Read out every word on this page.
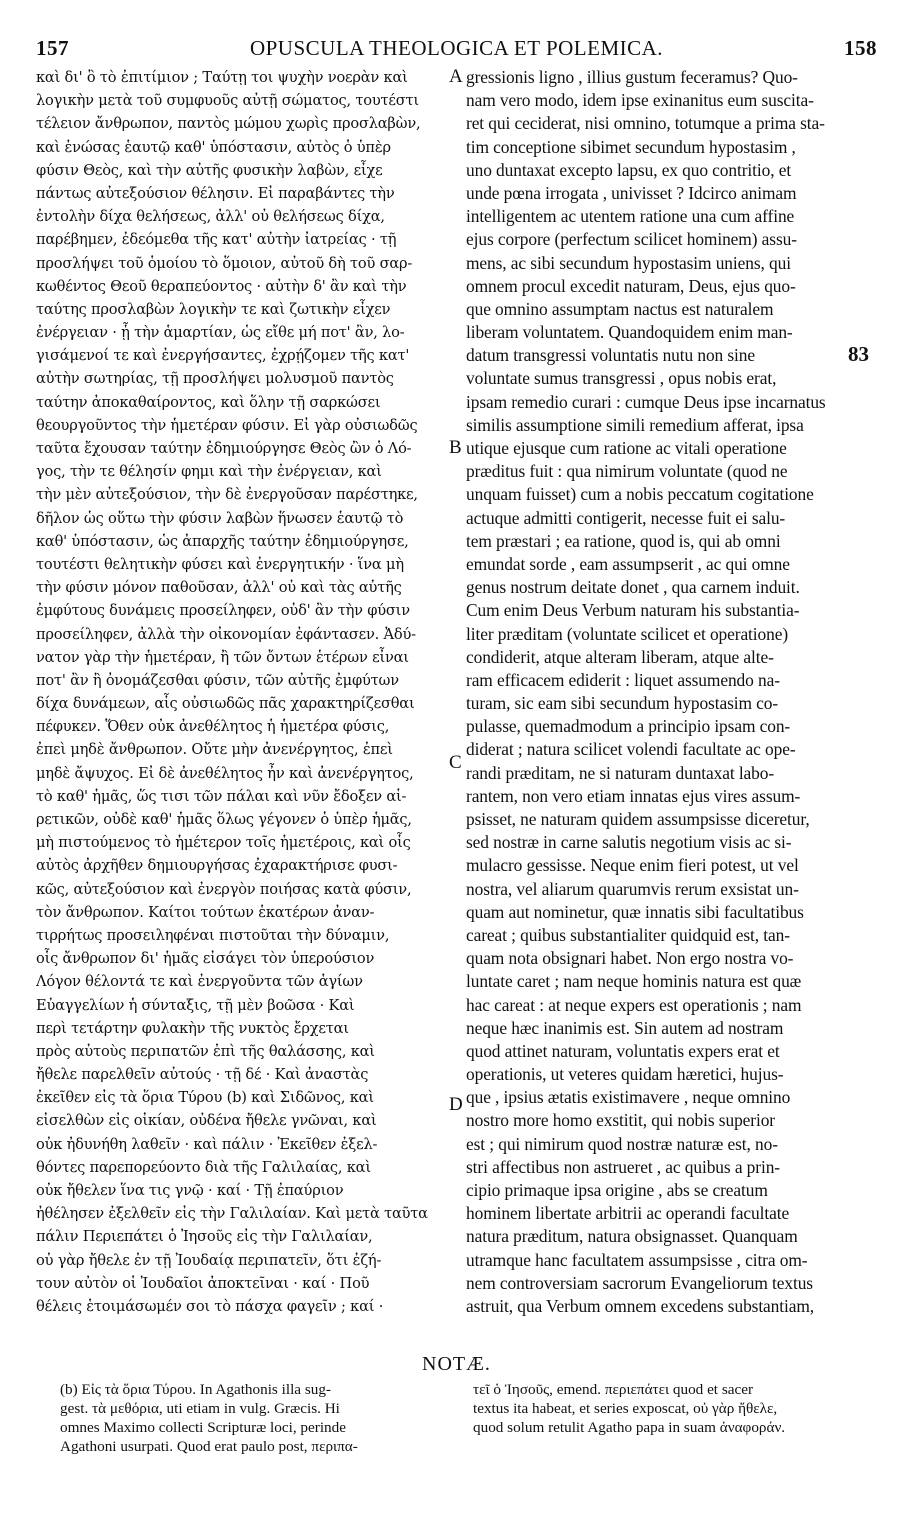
157	OPUSCULA THEOLOGICA ET POLEMICA.	158
καὶ δι' ὃ τὸ ἐπιτίμιον ; Ταύτῃ τοι ψυχὴν νοερὰν καὶ
λογικὴν μετὰ τοῦ συμφυοῦς αὐτῇ σώματος, τουτέστι
τέλειον ἄνθρωπον, παντὸς μώμου χωρὶς προσλαβὼν,
καὶ ἑνώσας ἑαυτῷ καθ' ὑπόστασιν, αὐτὸς ὁ ὑπὲρ
φύσιν Θεὸς, καὶ τὴν αὐτῆς φυσικὴν λαβὼν, εἶχε
πάντως αὐτεξούσιον θέλησιν. Εἰ παραβάντες τὴν
ἐντολὴν δίχα θελήσεως, ἀλλ' οὐ θελήσεως δίχα,
παρέβημεν, ἐδεόμεθα τῆς κατ' αὐτὴν ἰατρείας · τῇ
προσλήψει τοῦ ὁμοίου τὸ ὅμοιον, αὐτοῦ δὴ τοῦ σαρ-
κωθέντος Θεοῦ θεραπεύοντος · αὐτὴν δ' ἂν καὶ τὴν
ταύτης προσλαβὼν λογικὴν τε καὶ ζωτικὴν εἶχεν
ἐνέργειαν · ᾗ τὴν ἁμαρτίαν, ὡς εἴθε μή ποτ' ἂν, λο-
γισάμενοί τε καὶ ἐνεργήσαντες, ἐχρῄζομεν τῆς κατ'
αὐτὴν σωτηρίας, τῇ προσλήψει μολυσμοῦ παντὸς
ταύτην ἀποκαθαίροντος, καὶ ὅλην τῇ σαρκώσει
θεουργοῦντος τὴν ἡμετέραν φύσιν. Εἰ γὰρ οὐσιωδῶς
ταῦτα ἔχουσαν ταύτην ἐδημιούργησε Θεὸς ὢν ὁ Λό-
γος, τὴν τε θέλησίν φημι καὶ τὴν ἐνέργειαν, καὶ
τὴν μὲν αὐτεξούσιον, τὴν δὲ ἐνεργοῦσαν παρέστηκε,
δῆλον ὡς οὕτω τὴν φύσιν λαβὼν ἥνωσεν ἑαυτῷ τὸ
καθ' ὑπόστασιν, ὡς ἀπαρχῆς ταύτην ἐδημιούργησε,
τουτέστι θελητικὴν φύσει καὶ ἐνεργητικήν · ἵνα μὴ
τὴν φύσιν μόνον παθοῦσαν, ἀλλ' οὐ καὶ τὰς αὐτῆς
ἐμφύτους δυνάμεις προσείληφεν, οὐδ' ἂν τὴν φύσιν
προσείληφεν, ἀλλὰ τὴν οἰκονομίαν ἐφάντασεν. Ἀδύ-
νατον γὰρ τὴν ἡμετέραν, ἢ τῶν ὄντων ἑτέρων εἶναι
ποτ' ἂν ἢ ὀνομάζεσθαι φύσιν, τῶν αὐτῆς ἐμφύτων
δίχα δυνάμεων, αἷς οὐσιωδῶς πᾶς χαρακτηρίζεσθαι
πέφυκεν. Ὅθεν οὐκ ἀνεθέλητος ἡ ἡμετέρα φύσις,
ἐπεὶ μηδὲ ἄνθρωπον. Οὔτε μὴν ἀνενέργητος, ἐπεὶ
μηδὲ ἄψυχος. Εἰ δὲ ἀνεθέλητος ἦν καὶ ἀνενέργητος,
τὸ καθ' ἡμᾶς, ὥς τισι τῶν πάλαι καὶ νῦν ἔδοξεν αἱ-
ρετικῶν, οὐδὲ καθ' ἡμᾶς ὅλως γέγονεν ὁ ὑπὲρ ἡμᾶς,
μὴ πιστούμενος τὸ ἡμέτερον τοῖς ἡμετέροις, καὶ οἷς
αὐτὸς ἀρχῆθεν δημιουργήσας ἐχαρακτήρισε φυσι-
κῶς, αὐτεξούσιον καὶ ἐνεργὸν ποιήσας κατὰ φύσιν,
τὸν ἄνθρωπον. Καίτοι τούτων ἑκατέρων ἀναν-
τιρρήτως προσειληφέναι πιστοῦται τὴν δύναμιν,
οἷς ἄνθρωπον δι' ἡμᾶς εἰσάγει τὸν ὑπερούσιον
Λόγον θέλοντά τε καὶ ἐνεργοῦντα τῶν ἁγίων
Εὐαγγελίων ἡ σύνταξις, τῇ μὲν βοῶσα · Καὶ
περὶ τετάρτην φυλακὴν τῆς νυκτὸς ἔρχεται
πρὸς αὐτοὺς περιπατῶν ἐπὶ τῆς θαλάσσης, καὶ
ἤθελε παρελθεῖν αὐτούς · τῇ δέ · Καὶ ἀναστὰς
ἐκεῖθεν εἰς τὰ ὅρια Τύρου (b) καὶ Σιδῶνος, καὶ
εἰσελθὼν εἰς οἰκίαν, οὐδένα ἤθελε γνῶναι, καὶ
οὐκ ἠδυνήθη λαθεῖν · καὶ πάλιν · Ἐκεῖθεν ἐξελ-
θόντες παρεπορεύοντο διὰ τῆς Γαλιλαίας, καὶ
οὐκ ἤθελεν ἵνα τις γνῷ · καί · Τῇ ἐπαύριον
ἠθέλησεν ἐξελθεῖν εἰς τὴν Γαλιλαίαν. Καὶ μετὰ ταῦτα
πάλιν Περιεπάτει ὁ Ἰησοῦς εἰς τὴν Γαλιλαίαν,
οὐ γὰρ ἤθελε ἐν τῇ Ἰουδαίᾳ περιπατεῖν, ὅτι ἐζή-
τουν αὐτὸν οἱ Ἰουδαῖοι ἀποκτεῖναι · καί · Ποῦ
θέλεις ἑτοιμάσωμέν σοι τὸ πάσχα φαγεῖν ; καί ·
gressionis ligno , illius gustum feceramus? Quo-
nam vero modo, idem ipse exinanitus eum suscita-
ret qui ceciderat, nisi omnino, totumque a prima sta-
tim conceptione sibimet secundum hypostasim ,
uno duntaxat excepto lapsu, ex quo contritio, et
unde pœna irrogata , univisset ? Idcirco animam
intelligentem ac utentem ratione una cum affine
ejus corpore (perfectum scilicet hominem) assu-
mens, ac sibi secundum hypostasim uniens, qui
omnem procul excedit naturam, Deus, ejus quo-
que omnino assumptam nactus est naturalem
liberam voluntatem. Quandoquidem enim man-
datum transgressi voluntatis nutu non sine
voluntate sumus transgressi , opus nobis erat,
ipsam remedio curari : cumque Deus ipse incarnatus
similis assumptione simili remedium afferat, ipsa
utique ejusque cum ratione ac vitali operatione
præditus fuit : qua nimirum voluntate (quod ne
unquam fuisset) cum a nobis peccatum cogitatione
actuque admitti contigerit, necesse fuit ei salu-
tem præstari ; ea ratione, quod is, qui ab omni
emundat sorde , eam assumpserit , ac qui omne
genus nostrum deitate donet , qua carnem induit.
Cum enim Deus Verbum naturam his substantia-
liter præditam (voluntate scilicet et operatione)
condiderit, atque alteram liberam, atque alte-
ram efficacem ediderit : liquet assumendo na-
turam, sic eam sibi secundum hypostasim co-
pulasse, quemadmodum a principio ipsam con-
diderat ; natura scilicet volendi facultate ac ope-
randi præditam, ne si naturam duntaxat labo-
rantem, non vero etiam innatas ejus vires assum-
psisset, ne naturam quidem assumpsisse diceretur,
sed nostræ in carne salutis negotium visis ac si-
mulacro gessisse. Neque enim fieri potest, ut vel
nostra, vel aliarum quarumvis rerum exsistat un-
quam aut nominetur, quæ innatis sibi facultatibus
careat ; quibus substantialiter quidquid est, tan-
quam nota obsignari habet. Non ergo nostra vo-
luntate caret ; nam neque hominis natura est quæ
hac careat : at neque expers est operationis ; nam
neque hæc inanimis est. Sin autem ad nostram
quod attinet naturam, voluntatis expers erat et
operationis, ut veteres quidam hæretici, hujus-
que , ipsius ætatis existimavere , neque omnino
nostro more homo exstitit, qui nobis superior
est ; qui nimirum quod nostræ naturæ est, no-
stri affectibus non astrueret , ac quibus a prin-
cipio primaque ipsa origine , abs se creatum
hominem libertate arbitrii ac operandi facultate
natura præditum, natura obsignasset. Quanquam
utramque hanc facultatem assumpsisse , citra om-
nem controversiam sacrorum Evangeliorum textus
astruit, qua Verbum omnem excedens substantiam,
A
B
C
D
83
NOTÆ.
(b) Εἰς τὰ ὅρια Τύρου. In Agathonis illa sug-
gest. τὰ μεθόρια, uti etiam in vulg. Græcis. Hi
omnes Maximo collecti Scripturæ loci, perinde
Agathoni usurpati. Quod erat paulo post, περιπα-
τεῖ ὁ Ἰησοῦς, emend. περιεπάτει quod et sacer
textus ita habeat, et series exposcat, οὐ γὰρ ἤθελε,
quod solum retulit Agatho papa in suam ἀναφοράν.
